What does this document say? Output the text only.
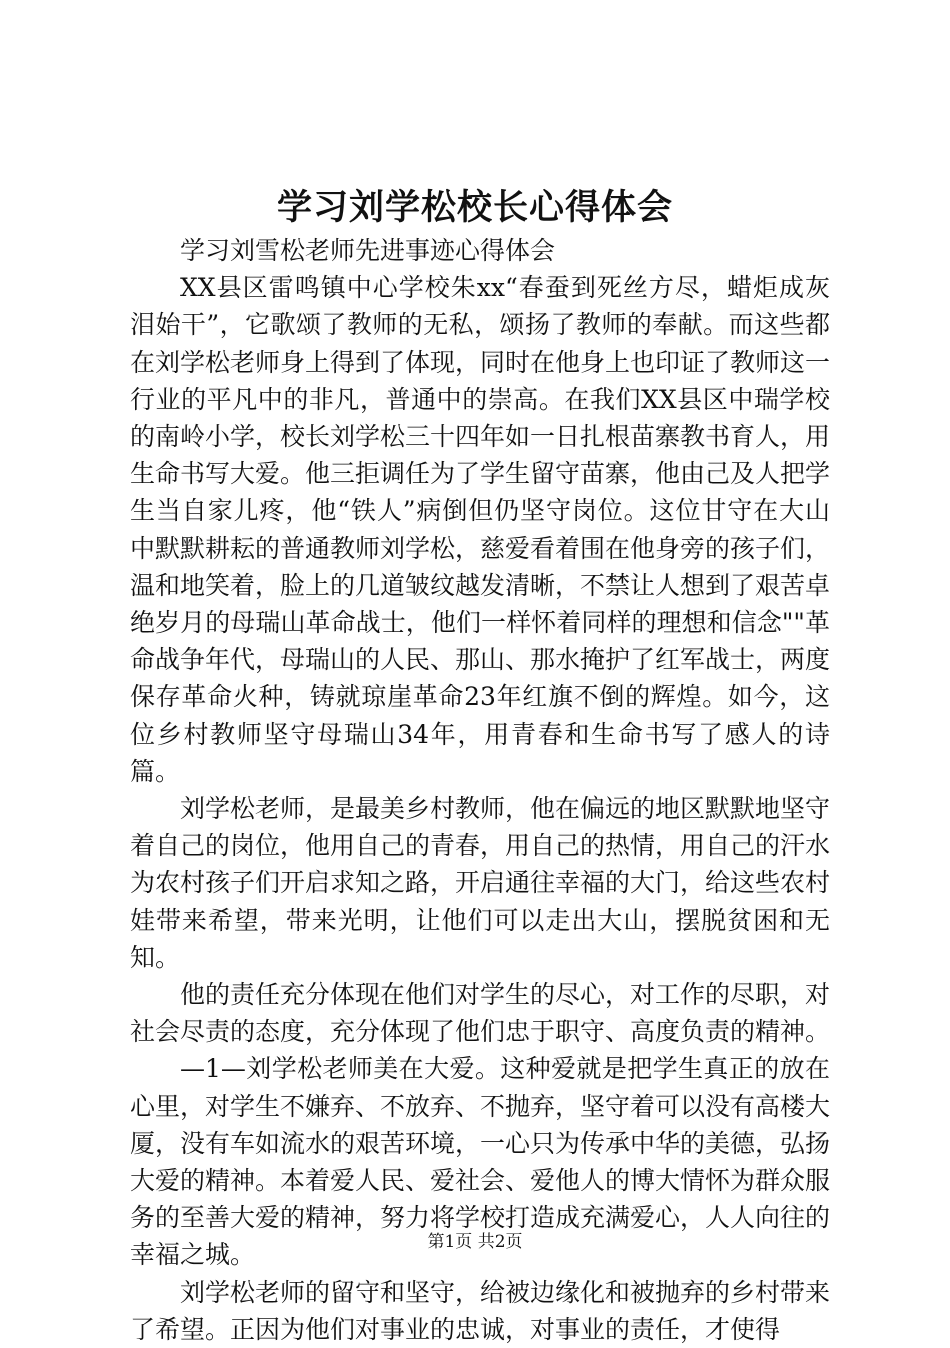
学习刘学松校长心得体会

学习刘雪松老师先进事迹心得体会

XX县区雷鸣镇中心学校朱xx“春蚕到死丝方尽，蜡炬成灰泪始干”，它歌颂了教师的无私，颂扬了教师的奉献。而这些都在刘学松老师身上得到了体现，同时在他身上也印证了教师这一行业的平凡中的非凡，普通中的崇高。在我们XX县区中瑞学校的南岭小学，校长刘学松三十四年如一日扎根苗寨教书育人，用生命书写大爱。他三拒调任为了学生留守苗寨，他由己及人把学生当自家儿疼，他“铁人”病倒但仍坚守岗位。这位甘守在大山中默默耕耘的普通教师刘学松，慈爱看着围在他身旁的孩子们，温和地笑着，脸上的几道皱纹越发清晰，不禁让人想到了艰苦卓绝岁月的母瑞山革命战士，他们一样怀着同样的理想和信念""革命战争年代，母瑞山的人民、那山、那水掩护了红军战士，两度保存革命火种，铸就琼崖革命23年红旗不倒的辉煌。如今，这位乡村教师坚守母瑞山34年，用青春和生命书写了感人的诗篇。

刘学松老师，是最美乡村教师，他在偏远的地区默默地坚守着自己的岗位，他用自己的青春，用自己的热情，用自己的汗水为农村孩子们开启求知之路，开启通往幸福的大门，给这些农村娃带来希望，带来光明，让他们可以走出大山，摆脱贫困和无知。

他的责任充分体现在他们对学生的尽心，对工作的尽职，对社会尽责的态度，充分体现了他们忠于职守、高度负责的精神。

—1—刘学松老师美在大爱。这种爱就是把学生真正的放在心里，对学生不嫌弃、不放弃、不抛弃，坚守着可以没有高楼大厦，没有车如流水的艰苦环境，一心只为传承中华的美德，弘扬大爱的精神。本着爱人民、爱社会、爱他人的博大情怀为群众服务的至善大爱的精神，努力将学校打造成充满爱心，人人向往的幸福之城。

刘学松老师的留守和坚守，给被边缘化和被抛弃的乡村带来了希望。正因为他们对事业的忠诚，对事业的责任，才使得

第1页 共2页
